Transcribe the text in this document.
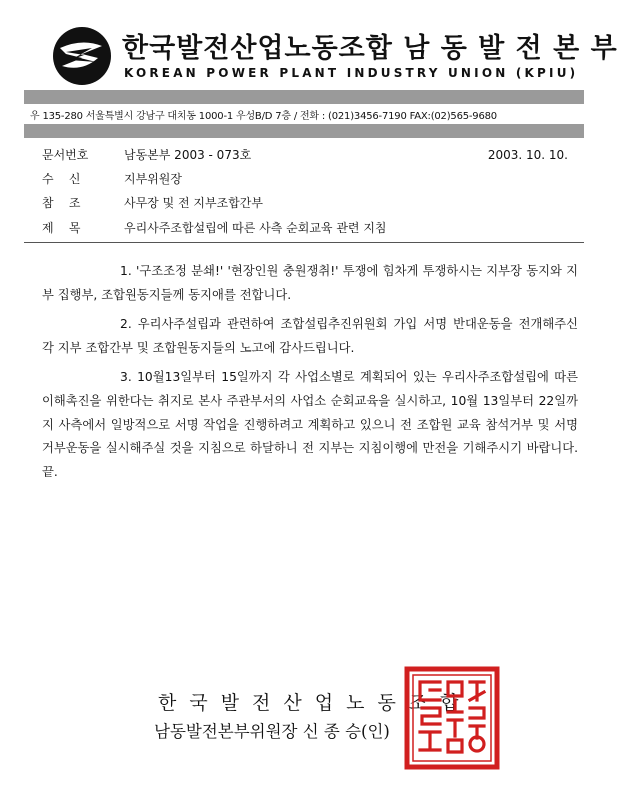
한국발전산업노동조합 남 동 발 전 본 부
KOREAN POWER PLANT INDUSTRY UNION (KPIU)
우 135-280 서울특별시 강남구 대치동 1000-1 우성B/D 7층 / 전화 : (021)3456-7190 FAX:(02)565-9680
문서번호	남동본부 2003 - 073호	2003. 10. 10.
수    신	지부위원장
참    조	사무장 및 전 지부조합간부
제    목	우리사주조합설립에 따른 사측 순회교육 관련 지침

1. '구조조정 분쇄!' '현장인원 충원쟁취!' 투쟁에 힘차게 투쟁하시는 지부장 동지와 지부 집행부, 조합원동지들께 동지애를 전합니다.

2. 우리사주설립과 관련하여 조합설립추진위원회 가입 서명 반대운동을 전개해주신 각 지부 조합간부 및 조합원동지들의 노고에 감사드립니다.

3. 10월13일부터 15일까지 각 사업소별로 계획되어 있는 우리사주조합설립에 따른 이해촉진을 위한다는 취지로 본사 주관부서의 사업소 순회교육을 실시하고, 10월 13일부터 22일까지 사측에서 일방적으로 서명 작업을 진행하려고 계획하고 있으니 전 조합원 교육 참석거부 및 서명거부운동을 실시해주실 것을 지침으로 하달하니 전 지부는 지침이행에 만전을 기해주시기 바랍니다. 끝.

한국발전산업노동조합
남동발전본부위원장 신 종 승(인)
